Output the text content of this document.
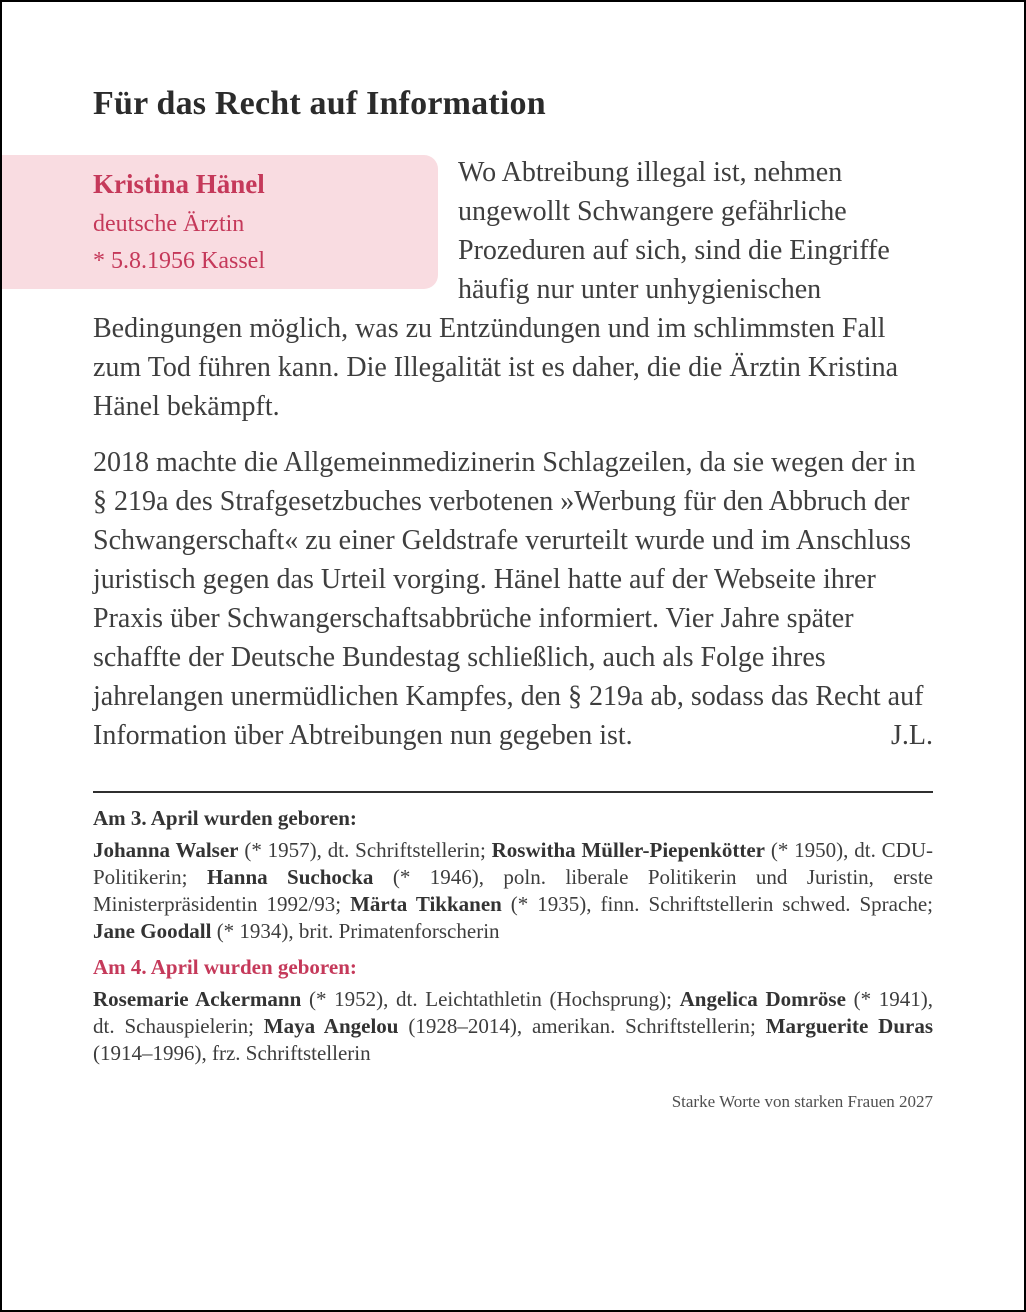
Für das Recht auf Information

Kristina Hänel
deutsche Ärztin
* 5.8.1956 Kassel
Wo Abtreibung illegal ist, nehmen ungewollt Schwangere gefährliche Prozeduren auf sich, sind die Eingriffe häufig nur unter unhygienischen Bedingungen möglich, was zu Entzündungen und im schlimmsten Fall zum Tod führen kann. Die Illegalität ist es daher, die die Ärztin Kristina Hänel bekämpft.

2018 machte die Allgemeinmedizinerin Schlagzeilen, da sie wegen der in § 219a des Strafgesetzbuches verbotenen »Werbung für den Abbruch der Schwangerschaft« zu einer Geldstrafe verurteilt wurde und im Anschluss juristisch gegen das Urteil vorging. Hänel hatte auf der Webseite ihrer Praxis über Schwangerschaftsabbrüche informiert. Vier Jahre später schaffte der Deutsche Bundestag schließlich, auch als Folge ihres jahrelangen unermüdlichen Kampfes, den § 219a ab, sodass das Recht auf Information über Abtreibungen nun gegeben ist.	J.L.
Am 3. April wurden geboren:

Johanna Walser (* 1957), dt. Schriftstellerin; Roswitha Müller-Piepenkötter (* 1950), dt. CDU-Politikerin; Hanna Suchocka (* 1946), poln. liberale Politikerin und Juristin, erste Ministerpräsidentin 1992/93; Märta Tikkanen (* 1935), finn. Schriftstellerin schwed. Sprache; Jane Goodall (* 1934), brit. Primatenforscherin

Am 4. April wurden geboren:

Rosemarie Ackermann (* 1952), dt. Leichtathletin (Hochsprung); Angelica Domröse (* 1941), dt. Schauspielerin; Maya Angelou (1928–2014), amerikan. Schriftstellerin; Marguerite Duras (1914–1996), frz. Schriftstellerin

Starke Worte von starken Frauen 2027
